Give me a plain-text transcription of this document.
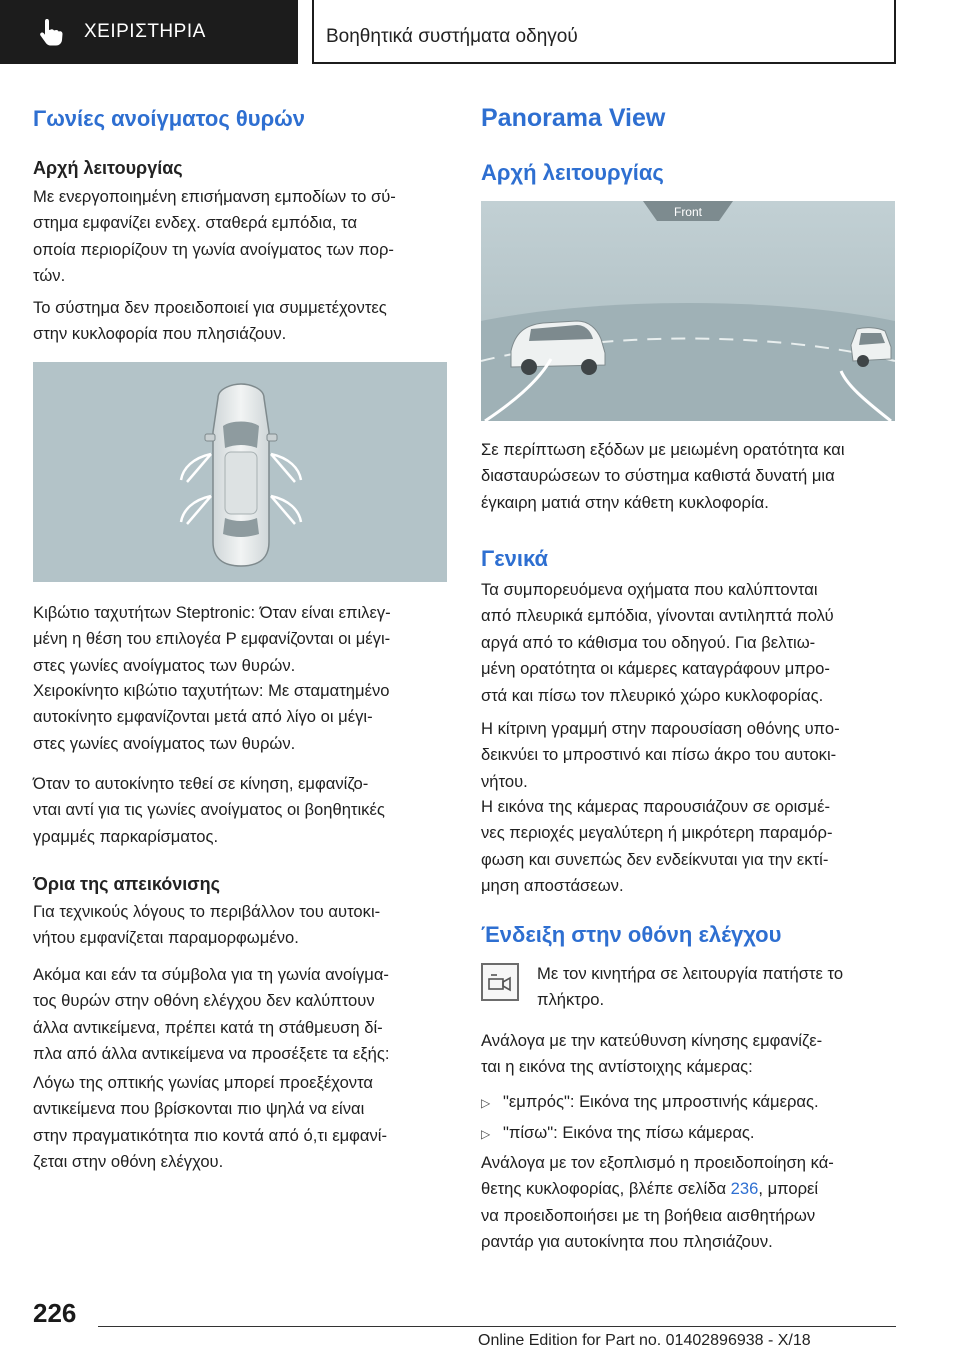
ΧΕΙΡΙΣΤΗΡΙΑ	Βοηθητικά συστήματα οδηγού
Γωνίες ανοίγματος θυρών
Αρχή λειτουργίας
Με ενεργοποιημένη επισήμανση εμποδίων το σύ‐
στημα εμφανίζει ενδεχ. σταθερά εμπόδια, τα
οποία περιορίζουν τη γωνία ανοίγματος των πορ‐
τών.
Το σύστημα δεν προειδοποιεί για συμμετέχοντες
στην κυκλοφορία που πλησιάζουν.
Κιβώτιο ταχυτήτων Steptronic: Όταν είναι επιλεγ‐
μένη η θέση του επιλογέα P εμφανίζονται οι μέγι‐
στες γωνίες ανοίγματος των θυρών.
Χειροκίνητο κιβώτιο ταχυτήτων: Με σταματημένο
αυτοκίνητο εμφανίζονται μετά από λίγο οι μέγι‐
στες γωνίες ανοίγματος των θυρών.
Όταν το αυτοκίνητο τεθεί σε κίνηση, εμφανίζο‐
νται αντί για τις γωνίες ανοίγματος οι βοηθητικές
γραμμές παρκαρίσματος.
Όρια της απεικόνισης
Για τεχνικούς λόγους το περιβάλλον του αυτοκι‐
νήτου εμφανίζεται παραμορφωμένο.
Ακόμα και εάν τα σύμβολα για τη γωνία ανοίγμα‐
τος θυρών στην οθόνη ελέγχου δεν καλύπτουν
άλλα αντικείμενα, πρέπει κατά τη στάθμευση δί‐
πλα από άλλα αντικείμενα να προσέξετε τα εξής:
Λόγω της οπτικής γωνίας μπορεί προεξέχοντα
αντικείμενα που βρίσκονται πιο ψηλά να είναι
στην πραγματικότητα πιο κοντά από ό,τι εμφανί‐
ζεται στην οθόνη ελέγχου.
Panorama View
Αρχή λειτουργίας
Front
Σε περίπτωση εξόδων με μειωμένη ορατότητα και
διασταυρώσεων το σύστημα καθιστά δυνατή μια
έγκαιρη ματιά στην κάθετη κυκλοφορία.
Γενικά
Τα συμπορευόμενα οχήματα που καλύπτονται
από πλευρικά εμπόδια, γίνονται αντιληπτά πολύ
αργά από το κάθισμα του οδηγού. Για βελτιω‐
μένη ορατότητα οι κάμερες καταγράφουν μπρο‐
στά και πίσω τον πλευρικό χώρο κυκλοφορίας.
Η κίτρινη γραμμή στην παρουσίαση οθόνης υπο‐
δεικνύει το μπροστινό και πίσω άκρο του αυτοκι‐
νήτου.
Η εικόνα της κάμερας παρουσιάζουν σε ορισμέ‐
νες περιοχές μεγαλύτερη ή μικρότερη παραμόρ‐
φωση και συνεπώς δεν ενδείκνυται για την εκτί‐
μηση αποστάσεων.
Ένδειξη στην οθόνη ελέγχου
Με τον κινητήρα σε λειτουργία πατήστε το
πλήκτρο.
Ανάλογα με την κατεύθυνση κίνησης εμφανίζε‐
ται η εικόνα της αντίστοιχης κάμερας:
▷ "εμπρός": Εικόνα της μπροστινής κάμερας.
▷ "πίσω": Εικόνα της πίσω κάμερας.
Ανάλογα με τον εξοπλισμό η προειδοποίηση κά‐
θετης κυκλοφορίας, βλέπε σελίδα 236, μπορεί
να προειδοποιήσει με τη βοήθεια αισθητήρων
ραντάρ για αυτοκίνητα που πλησιάζουν.
226
Online Edition for Part no. 01402896938 - X/18
